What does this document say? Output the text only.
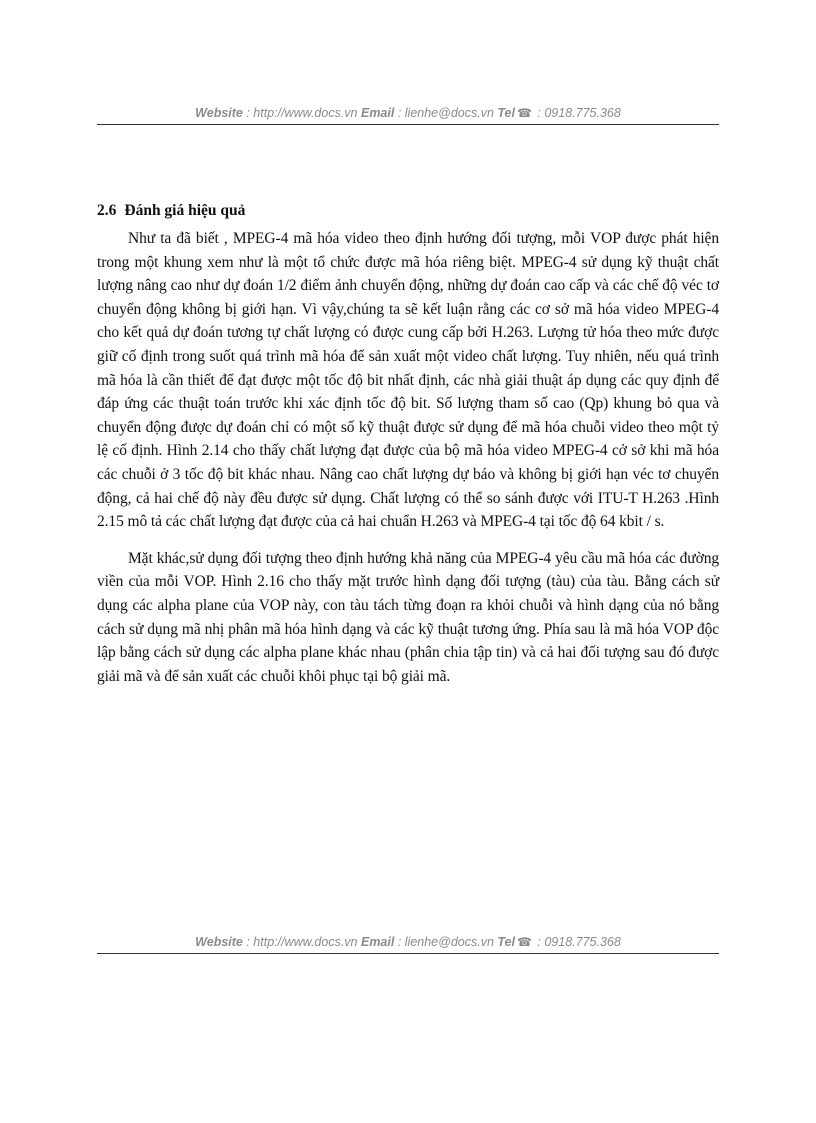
Website : http://www.docs.vn Email : lienhe@docs.vn Tel ☎ : 0918.775.368
2.6 Đánh giá hiệu quả

Như ta đã biết , MPEG-4 mã hóa video theo định hướng đối tượng, mỗi VOP được phát hiện trong một khung xem như là một tổ chức được mã hóa riêng biệt. MPEG-4 sử dụng kỹ thuật chất lượng nâng cao như dự đoán 1/2 điểm ảnh chuyển động, những dự đoán cao cấp và các chế độ véc tơ chuyển động không bị giới hạn. Vì vậy,chúng ta sẽ kết luận rằng các cơ sở mã hóa video MPEG-4 cho kết quả dự đoán tương tự chất lượng có được cung cấp bởi H.263. Lượng tử hóa theo mức được giữ cố định trong suốt quá trình mã hóa để sản xuất một video chất lượng. Tuy nhiên, nếu quá trình mã hóa là cần thiết để đạt được một tốc độ bit nhất định, các nhà giải thuật áp dụng các quy định để đáp ứng các thuật toán trước khi xác định tốc độ bit. Số lượng tham số cao (Qp) khung bỏ qua và chuyển động được dự đoán chỉ có một số kỹ thuật được sử dụng để mã hóa chuỗi video theo một tỷ lệ cố định. Hình 2.14 cho thấy chất lượng đạt được của bộ mã hóa video MPEG-4 cở sở khi mã hóa các chuỗi ở 3 tốc độ bit khác nhau. Nâng cao chất lượng dự báo và không bị giới hạn véc tơ chuyển động, cả hai chế độ này đều được sử dụng. Chất lượng có thể so sánh được với ITU-T H.263 .Hình 2.15 mô tả các chất lượng đạt được của cả hai chuẩn H.263 và MPEG-4 tại tốc độ 64 kbit / s.

Mặt khác,sử dụng đối tượng theo định hướng khả năng của MPEG-4 yêu cầu mã hóa các đường viền của mỗi VOP. Hình 2.16 cho thấy mặt trước hình dạng đối tượng (tàu) của tàu. Bằng cách sử dụng các alpha plane của VOP này, con tàu tách từng đoạn ra khỏi chuỗi và hình dạng của nó bằng cách sử dụng mã nhị phân mã hóa hình dạng và các kỹ thuật tương ứng. Phía sau là mã hóa VOP độc lập bằng cách sử dụng các alpha plane khác nhau (phân chia tập tin) và cả hai đối tượng sau đó được giải mã và để sản xuất các chuỗi khôi phục tại bộ giải mã.

Website : http://www.docs.vn Email : lienhe@docs.vn Tel ☎ : 0918.775.368
